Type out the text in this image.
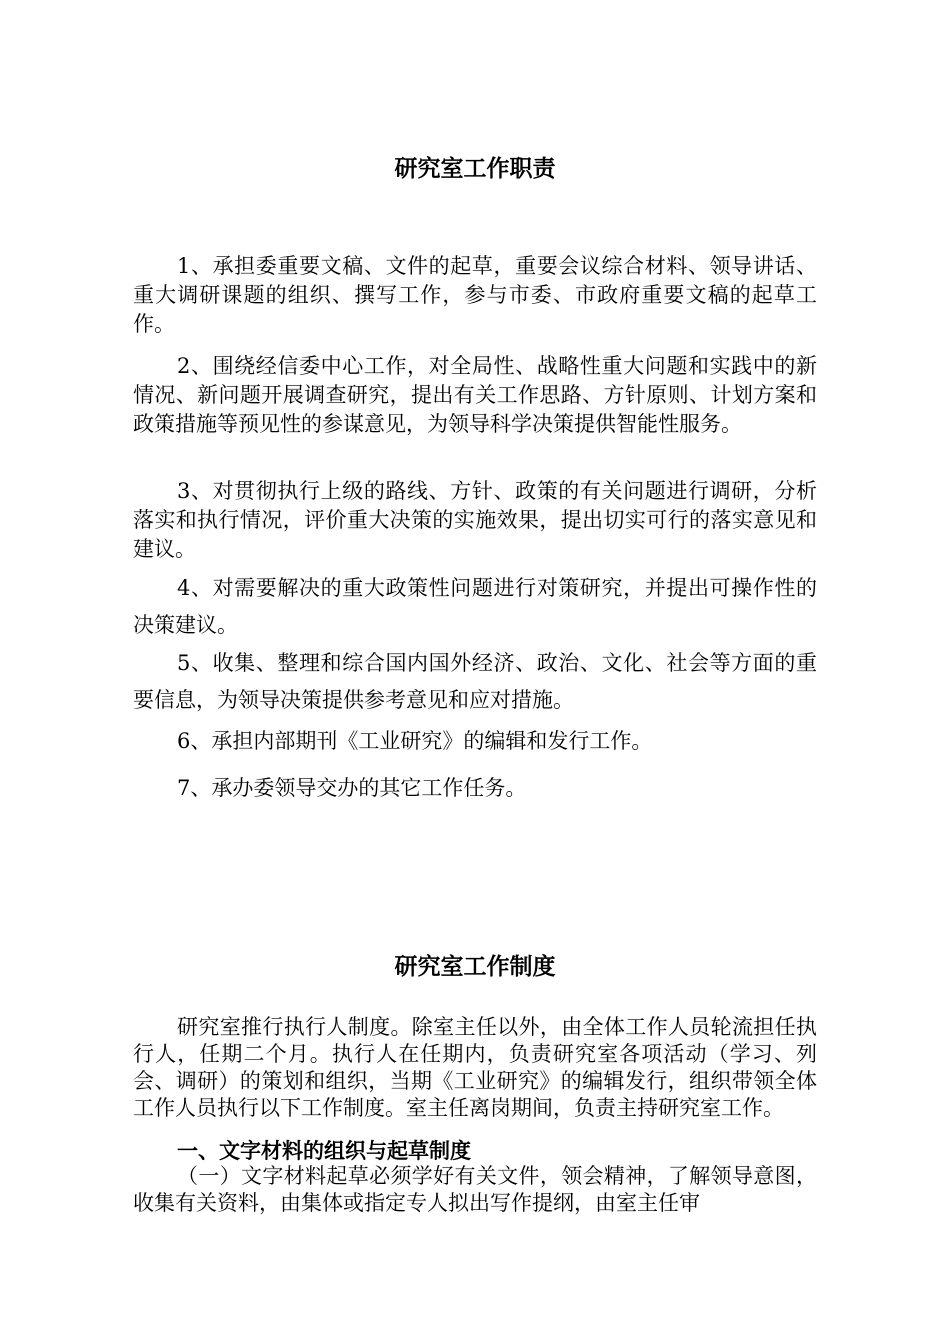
研究室工作职责
1、承担委重要文稿、文件的起草，重要会议综合材料、领导讲话、重大调研课题的组织、撰写工作，参与市委、市政府重要文稿的起草工作。
2、围绕经信委中心工作，对全局性、战略性重大问题和实践中的新情况、新问题开展调查研究，提出有关工作思路、方针原则、计划方案和政策措施等预见性的参谋意见，为领导科学决策提供智能性服务。
3、对贯彻执行上级的路线、方针、政策的有关问题进行调研，分析落实和执行情况，评价重大决策的实施效果，提出切实可行的落实意见和建议。
4、对需要解决的重大政策性问题进行对策研究，并提出可操作性的决策建议。
5、收集、整理和综合国内国外经济、政治、文化、社会等方面的重要信息，为领导决策提供参考意见和应对措施。
6、承担内部期刊《工业研究》的编辑和发行工作。
7、承办委领导交办的其它工作任务。
研究室工作制度
研究室推行执行人制度。除室主任以外，由全体工作人员轮流担任执行人，任期二个月。执行人在任期内，负责研究室各项活动（学习、列会、调研）的策划和组织，当期《工业研究》的编辑发行，组织带领全体工作人员执行以下工作制度。室主任离岗期间，负责主持研究室工作。
一、文字材料的组织与起草制度
（一）文字材料起草必须学好有关文件，领会精神，了解领导意图，收集有关资料，由集体或指定专人拟出写作提纲，由室主任审
